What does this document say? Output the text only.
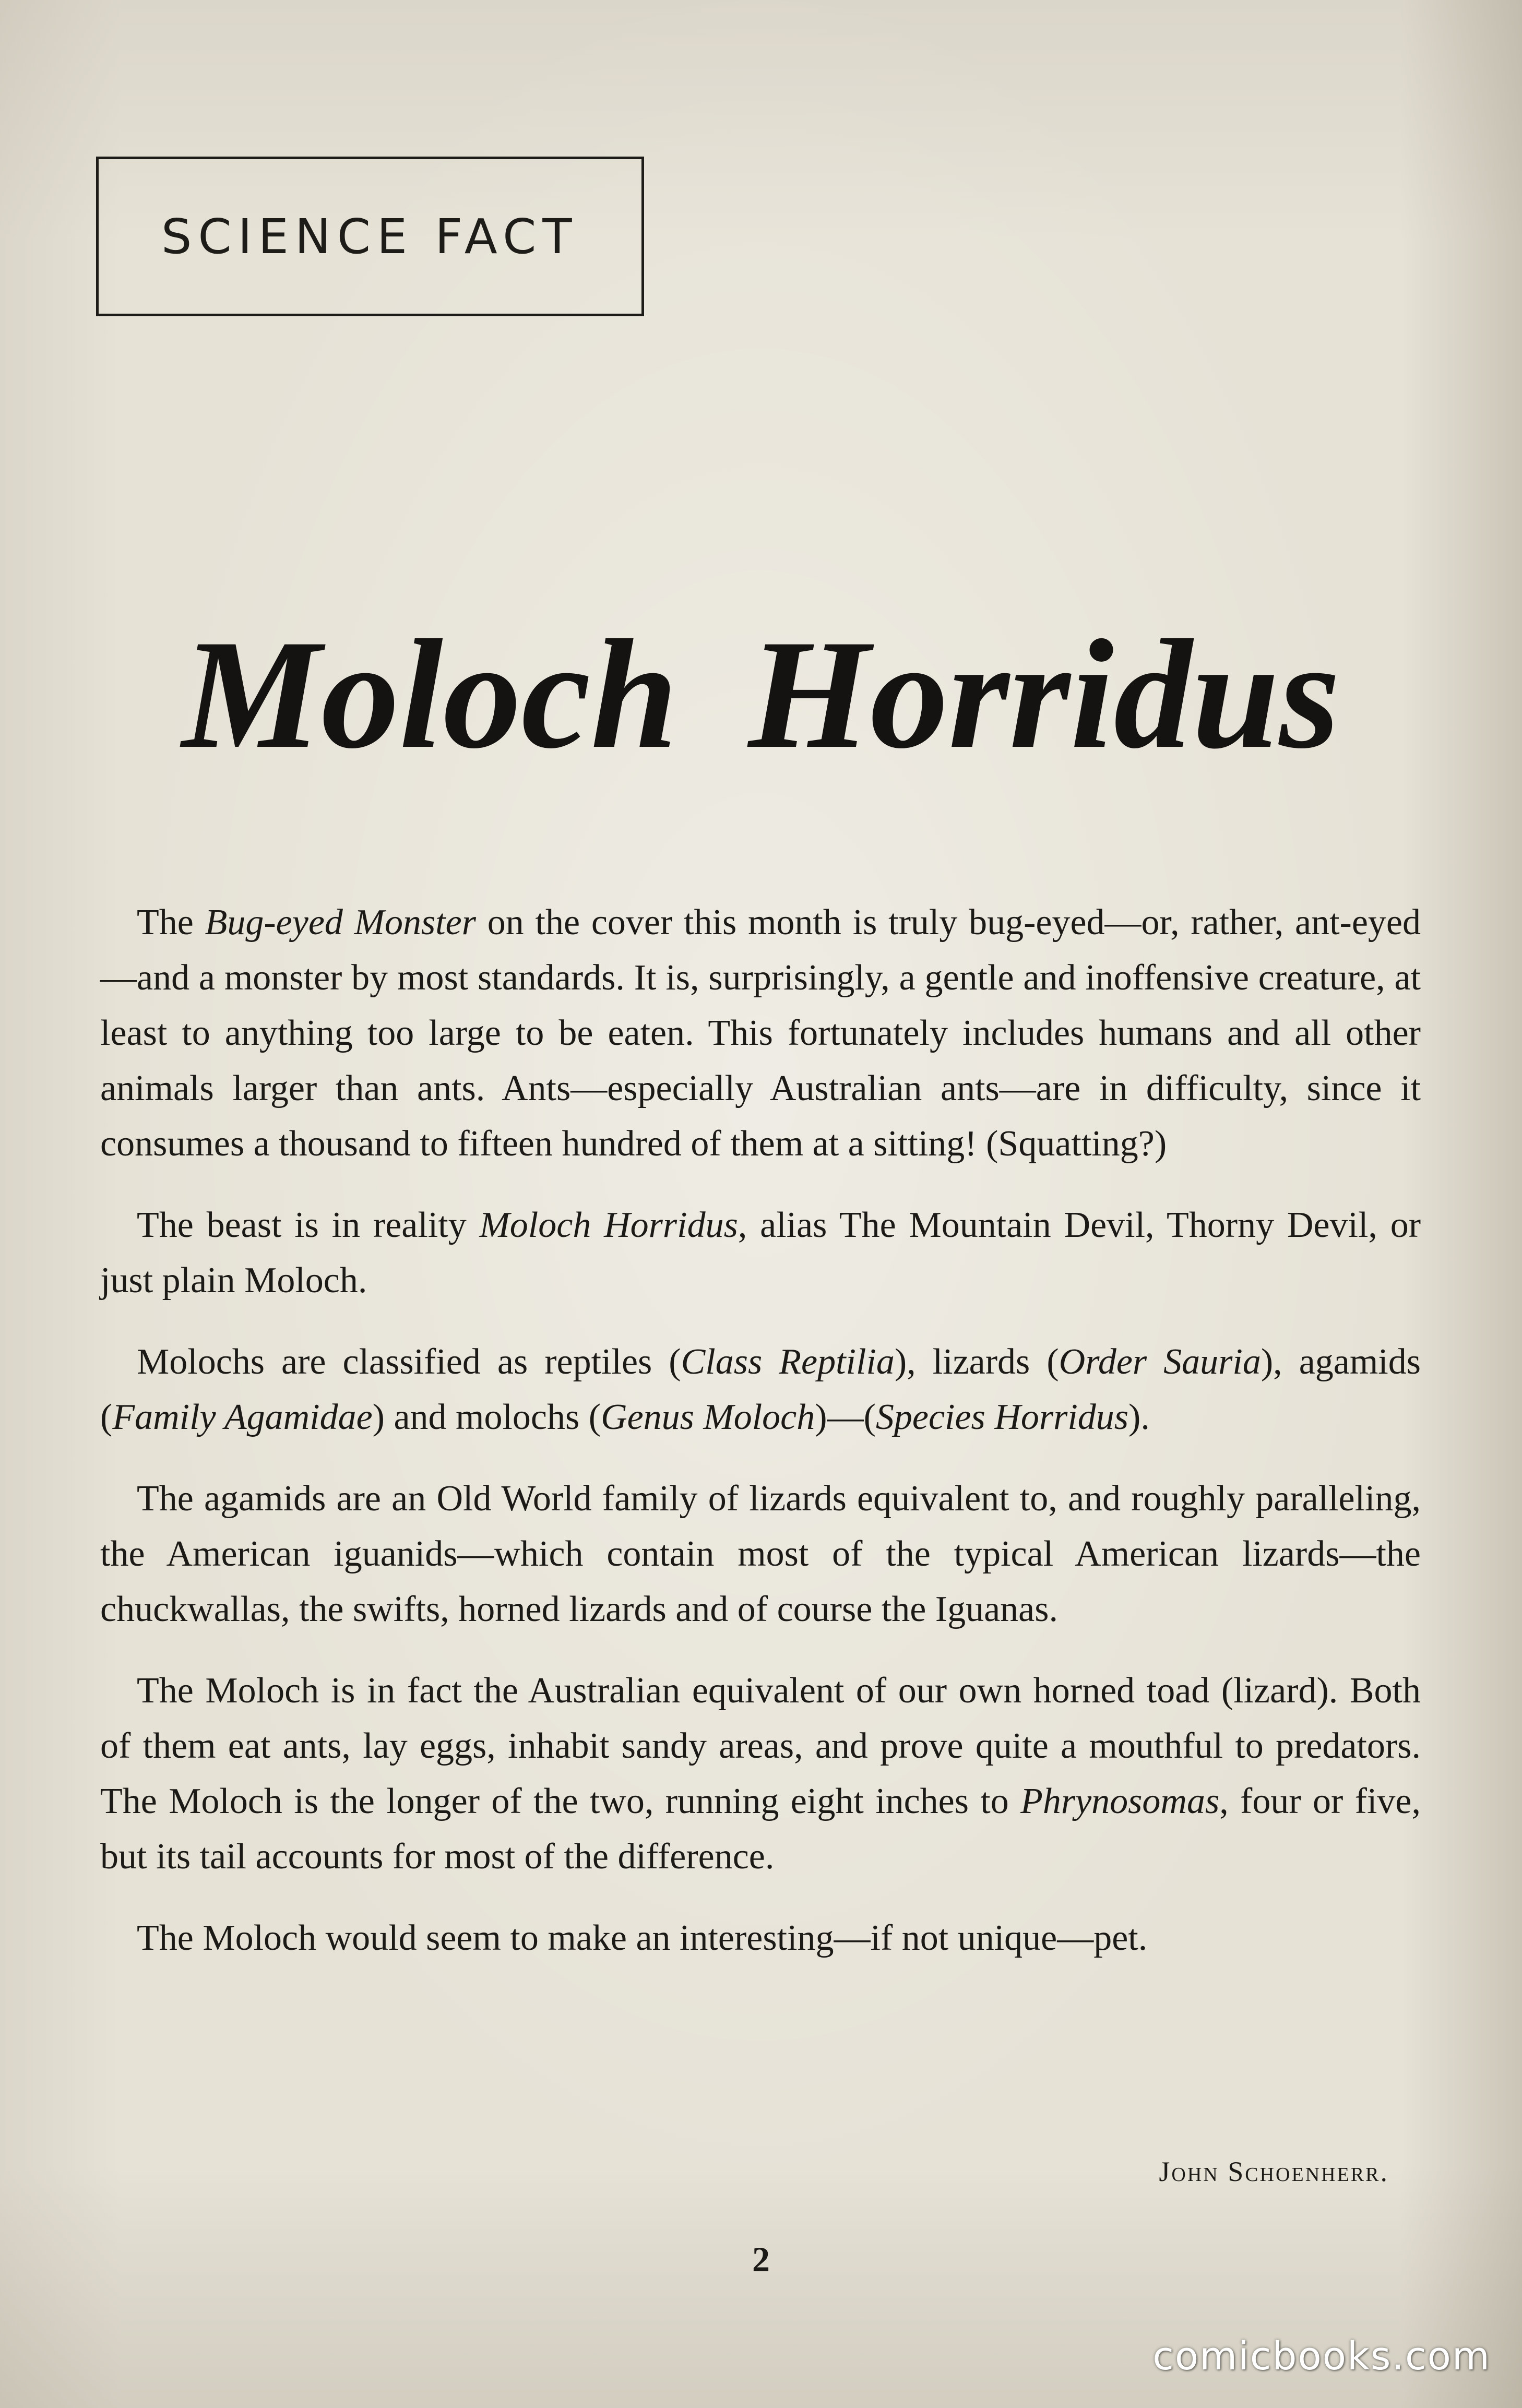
SCIENCE FACT
Moloch Horridus

The Bug-eyed Monster on the cover this month is truly bug-eyed—or, rather, ant-eyed—and a monster by most standards. It is, surprisingly, a gentle and inoffensive creature, at least to anything too large to be eaten. This fortunately includes humans and all other animals larger than ants. Ants—especially Australian ants—are in difficulty, since it consumes a thousand to fifteen hundred of them at a sitting! (Squatting?)

The beast is in reality Moloch Horridus, alias The Mountain Devil, Thorny Devil, or just plain Moloch.

Molochs are classified as reptiles (Class Reptilia), lizards (Order Sauria), agamids (Family Agamidae) and molochs (Genus Moloch)—(Species Horridus).

The agamids are an Old World family of lizards equivalent to, and roughly paralleling, the American iguanids—which contain most of the typical American lizards—the chuckwallas, the swifts, horned lizards and of course the Iguanas.

The Moloch is in fact the Australian equivalent of our own horned toad (lizard). Both of them eat ants, lay eggs, inhabit sandy areas, and prove quite a mouthful to predators. The Moloch is the longer of the two, running eight inches to Phrynosomas, four or five, but its tail accounts for most of the difference.

The Moloch would seem to make an interesting—if not unique—pet.

John Schoenherr.
2
comicbooks.com
